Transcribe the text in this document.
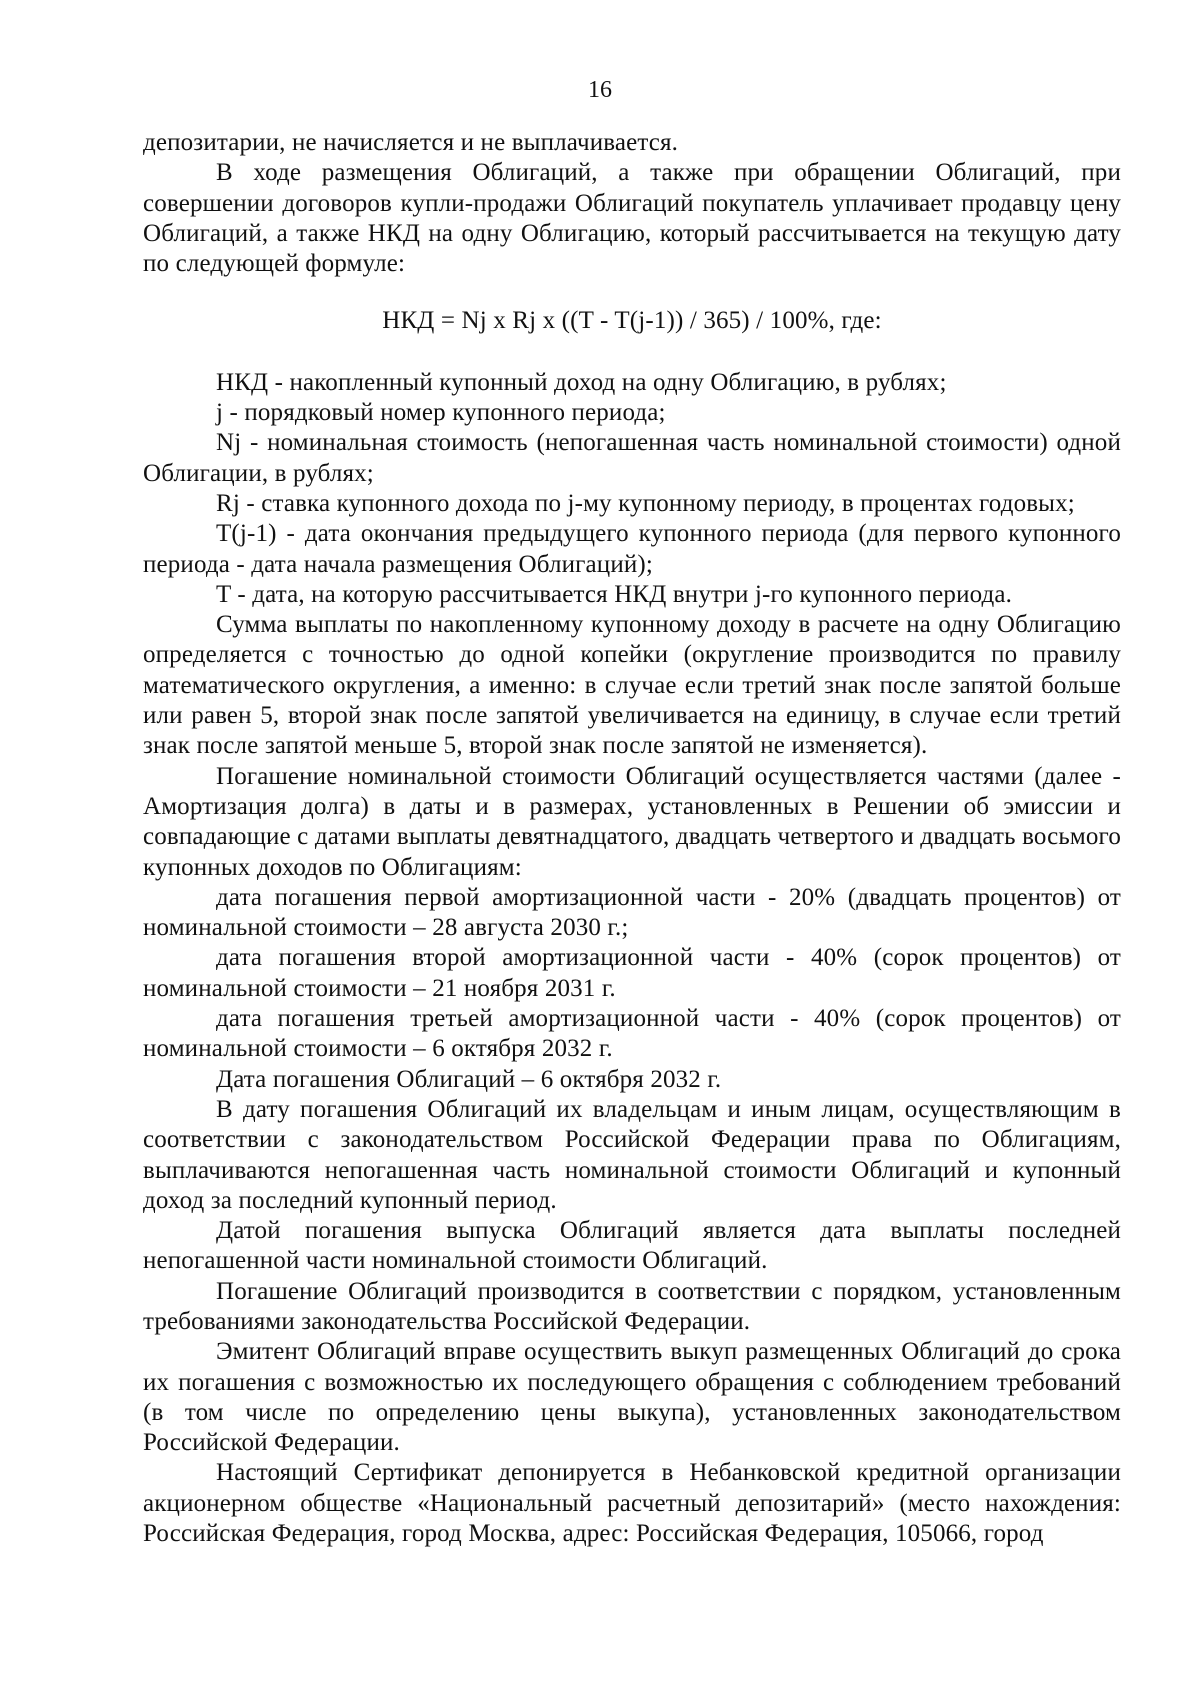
16

депозитарии, не начисляется и не выплачивается.

В ходе размещения Облигаций, а также при обращении Облигаций, при совершении договоров купли-продажи Облигаций покупатель уплачивает продавцу цену Облигаций, а также НКД на одну Облигацию, который рассчитывается на текущую дату по следующей формуле:

НКД = Nj x Rj x ((T - T(j-1)) / 365) / 100%, где:

НКД - накопленный купонный доход на одну Облигацию, в рублях;

j - порядковый номер купонного периода;

Nj - номинальная стоимость (непогашенная часть номинальной стоимости) одной Облигации, в рублях;

Rj - ставка купонного дохода по j-му купонному периоду, в процентах годовых;

T(j-1) - дата окончания предыдущего купонного периода (для первого купонного периода - дата начала размещения Облигаций);

T - дата, на которую рассчитывается НКД внутри j-го купонного периода.

Сумма выплаты по накопленному купонному доходу в расчете на одну Облигацию определяется с точностью до одной копейки (округление производится по правилу математического округления, а именно: в случае если третий знак после запятой больше или равен 5, второй знак после запятой увеличивается на единицу, в случае если третий знак после запятой меньше 5, второй знак после запятой не изменяется).

Погашение номинальной стоимости Облигаций осуществляется частями (далее - Амортизация долга) в даты и в размерах, установленных в Решении об эмиссии и совпадающие с датами выплаты девятнадцатого, двадцать четвертого и двадцать восьмого купонных доходов по Облигациям:

дата погашения первой амортизационной части - 20% (двадцать процентов) от номинальной стоимости – 28 августа 2030 г.;

дата погашения второй амортизационной части - 40% (сорок процентов) от номинальной стоимости – 21 ноября 2031 г.

дата погашения третьей амортизационной части - 40% (сорок процентов) от номинальной стоимости – 6 октября 2032 г.

Дата погашения Облигаций – 6 октября 2032 г.

В дату погашения Облигаций их владельцам и иным лицам, осуществляющим в соответствии с законодательством Российской Федерации права по Облигациям, выплачиваются непогашенная часть номинальной стоимости Облигаций и купонный доход за последний купонный период.

Датой погашения выпуска Облигаций является дата выплаты последней непогашенной части номинальной стоимости Облигаций.

Погашение Облигаций производится в соответствии с порядком, установленным требованиями законодательства Российской Федерации.

Эмитент Облигаций вправе осуществить выкуп размещенных Облигаций до срока их погашения с возможностью их последующего обращения с соблюдением требований (в том числе по определению цены выкупа), установленных законодательством Российской Федерации.

Настоящий Сертификат депонируется в Небанковской кредитной организации акционерном обществе «Национальный расчетный депозитарий» (место нахождения: Российская Федерация, город Москва, адрес: Российская Федерация, 105066, город
